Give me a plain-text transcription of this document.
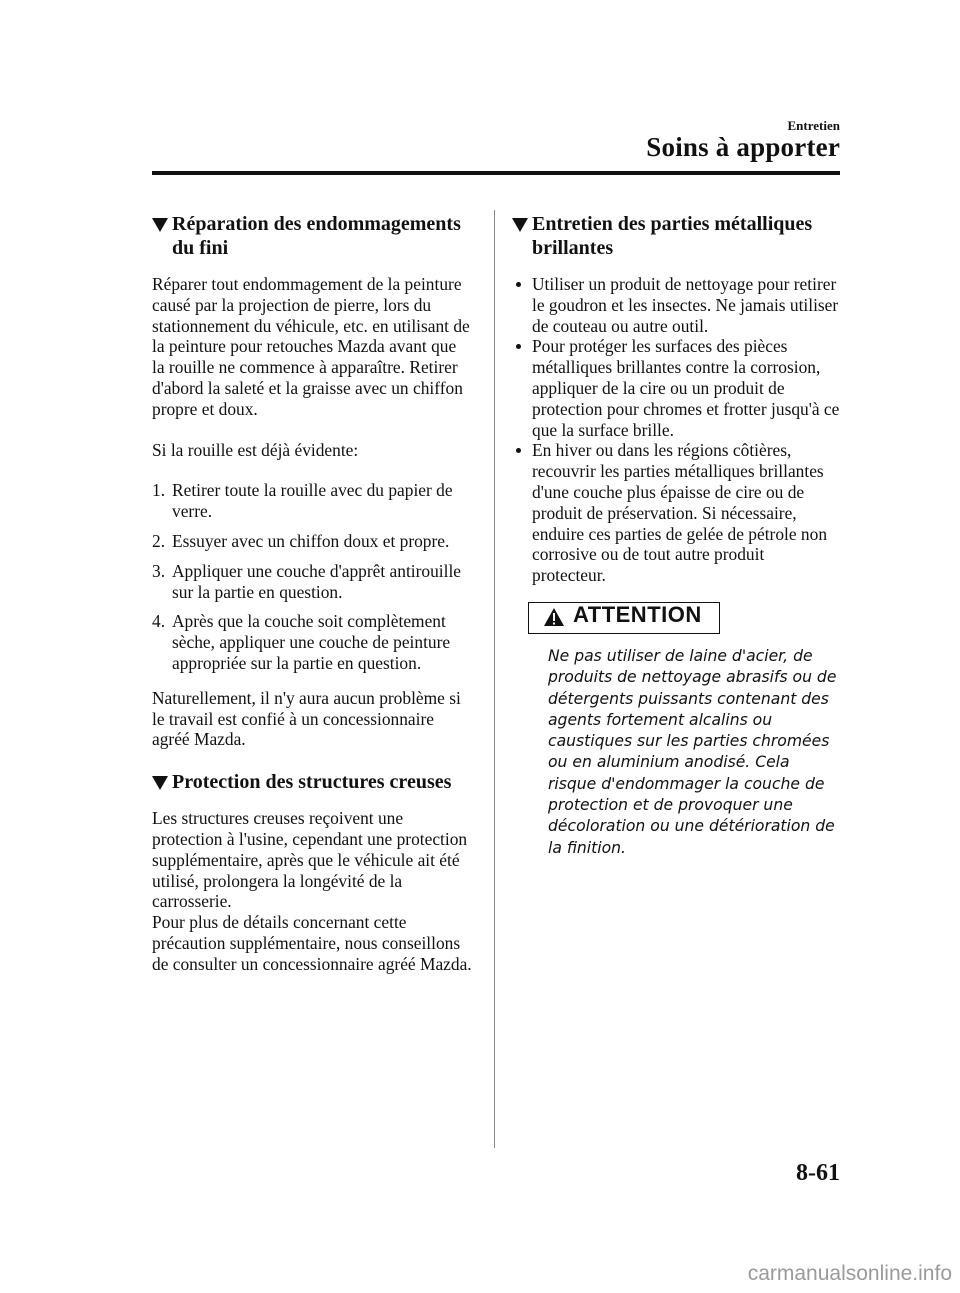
Entretien
Soins à apporter
Réparation des endommagements du fini

Réparer tout endommagement de la peinture causé par la projection de pierre, lors du stationnement du véhicule, etc. en utilisant de la peinture pour retouches Mazda avant que la rouille ne commence à apparaître. Retirer d'abord la saleté et la graisse avec un chiffon propre et doux.

Si la rouille est déjà évidente:

1. Retirer toute la rouille avec du papier de verre.
2. Essuyer avec un chiffon doux et propre.
3. Appliquer une couche d'apprêt antirouille sur la partie en question.
4. Après que la couche soit complètement sèche, appliquer une couche de peinture appropriée sur la partie en question.

Naturellement, il n'y aura aucun problème si le travail est confié à un concessionnaire agréé Mazda.

Protection des structures creuses

Les structures creuses reçoivent une protection à l'usine, cependant une protection supplémentaire, après que le véhicule ait été utilisé, prolongera la longévité de la carrosserie.

Pour plus de détails concernant cette précaution supplémentaire, nous conseillons de consulter un concessionnaire agréé Mazda.

Entretien des parties métalliques brillantes
Utiliser un produit de nettoyage pour retirer le goudron et les insectes. Ne jamais utiliser de couteau ou autre outil.
Pour protéger les surfaces des pièces métalliques brillantes contre la corrosion, appliquer de la cire ou un produit de protection pour chromes et frotter jusqu'à ce que la surface brille.
En hiver ou dans les régions côtières, recouvrir les parties métalliques brillantes d'une couche plus épaisse de cire ou de produit de préservation. Si nécessaire, enduire ces parties de gelée de pétrole non corrosive ou de tout autre produit protecteur.
ATTENTION
Ne pas utiliser de laine d'acier, de produits de nettoyage abrasifs ou de détergents puissants contenant des agents fortement alcalins ou caustiques sur les parties chromées ou en aluminium anodisé. Cela risque d'endommager la couche de protection et de provoquer une décoloration ou une détérioration de la finition.
8-61
carmanualsonline.info
